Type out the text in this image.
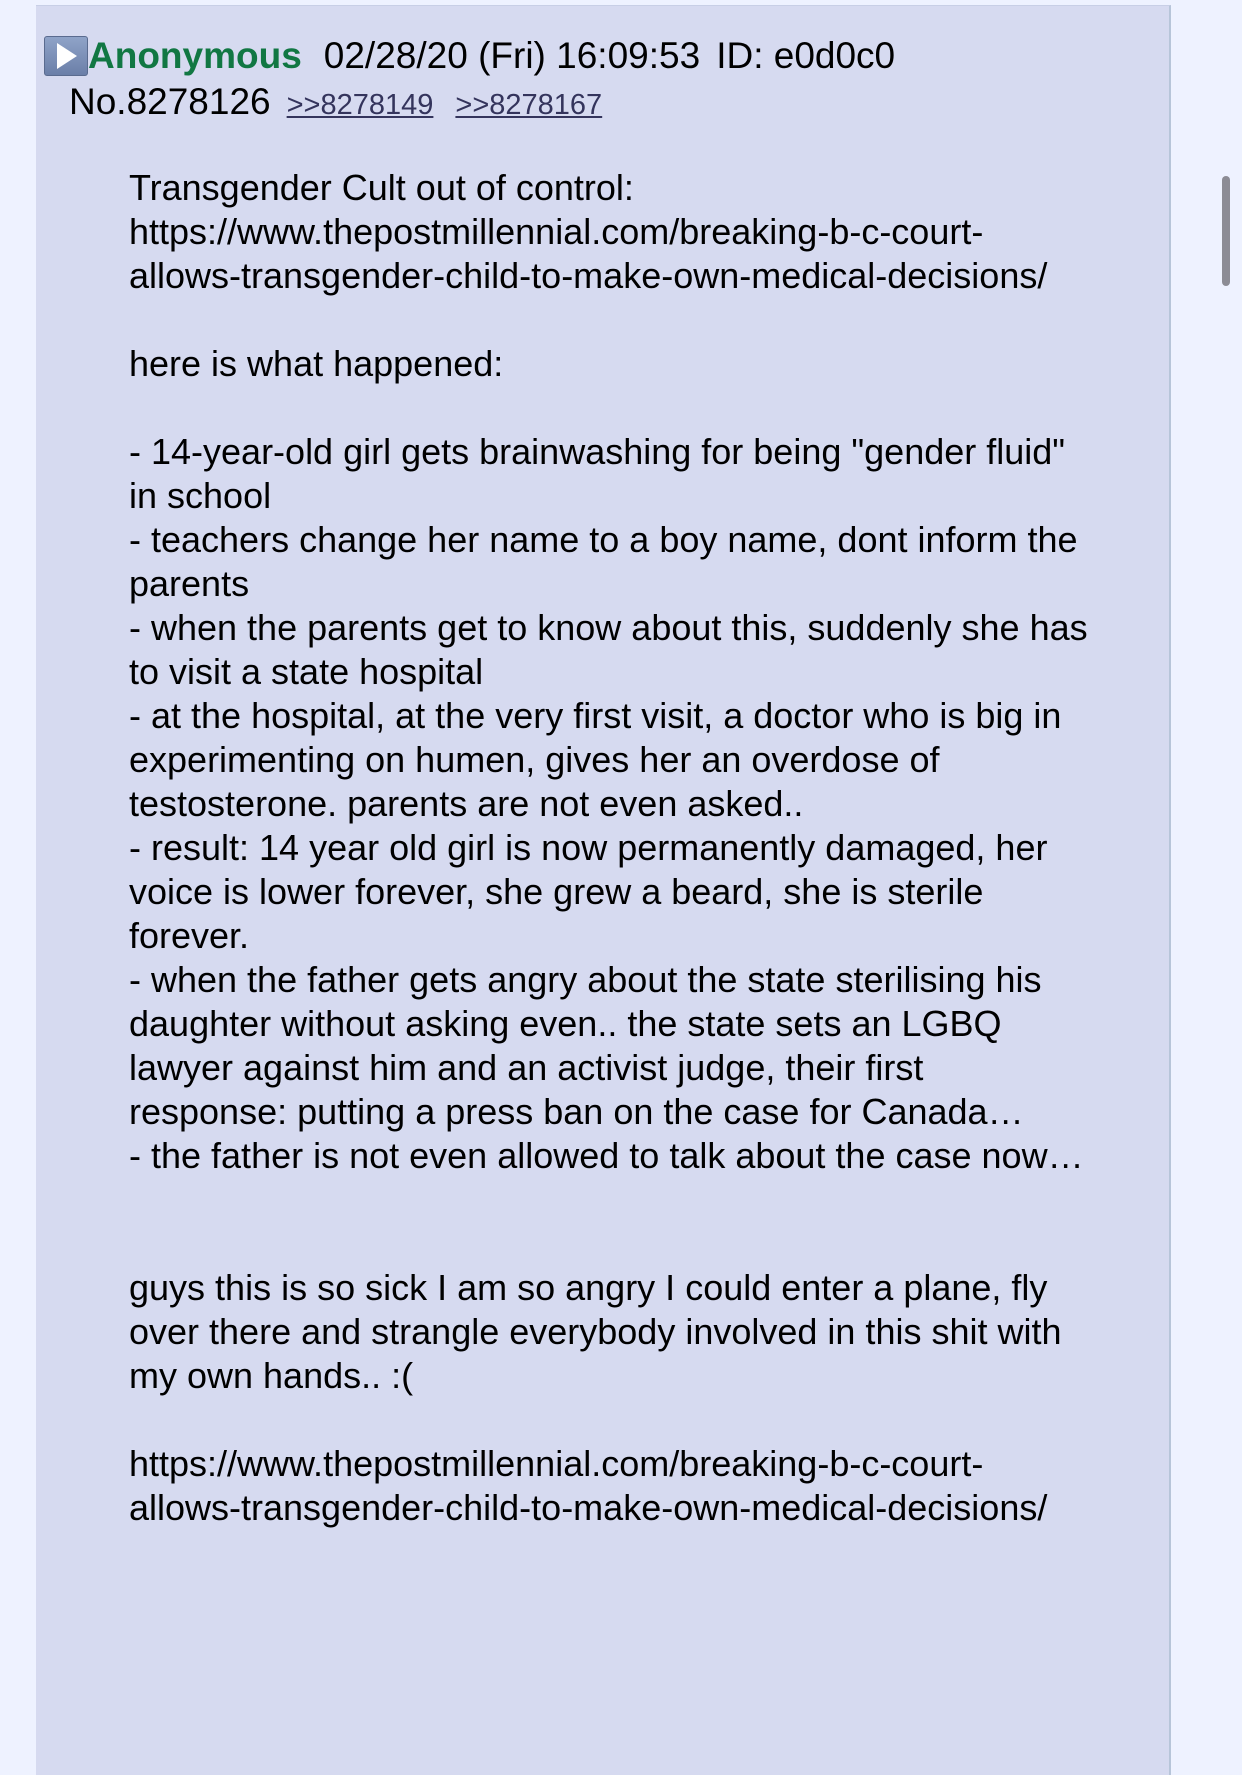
Anonymous 02/28/20 (Fri) 16:09:53 ID: e0d0c0
No.8278126 >>8278149 >>8278167
Transgender Cult out of control:
https://www.thepostmillennial.com/breaking-b-c-court-allows-transgender-child-to-make-own-medical-decisions/

here is what happened:

- 14-year-old girl gets brainwashing for being "gender fluid" in school
- teachers change her name to a boy name, dont inform the parents
- when the parents get to know about this, suddenly she has to visit a state hospital
- at the hospital, at the very first visit, a doctor who is big in experimenting on humen, gives her an overdose of testosterone. parents are not even asked..
- result: 14 year old girl is now permanently damaged, her voice is lower forever, she grew a beard, she is sterile forever.
- when the father gets angry about the state sterilising his daughter without asking even.. the state sets an LGBQ lawyer against him and an activist judge, their first response: putting a press ban on the case for Canada…
- the father is not even allowed to talk about the case now…

guys this is so sick I am so angry I could enter a plane, fly over there and strangle everybody involved in this shit with my own hands.. :(

https://www.thepostmillennial.com/breaking-b-c-court-allows-transgender-child-to-make-own-medical-decisions/
